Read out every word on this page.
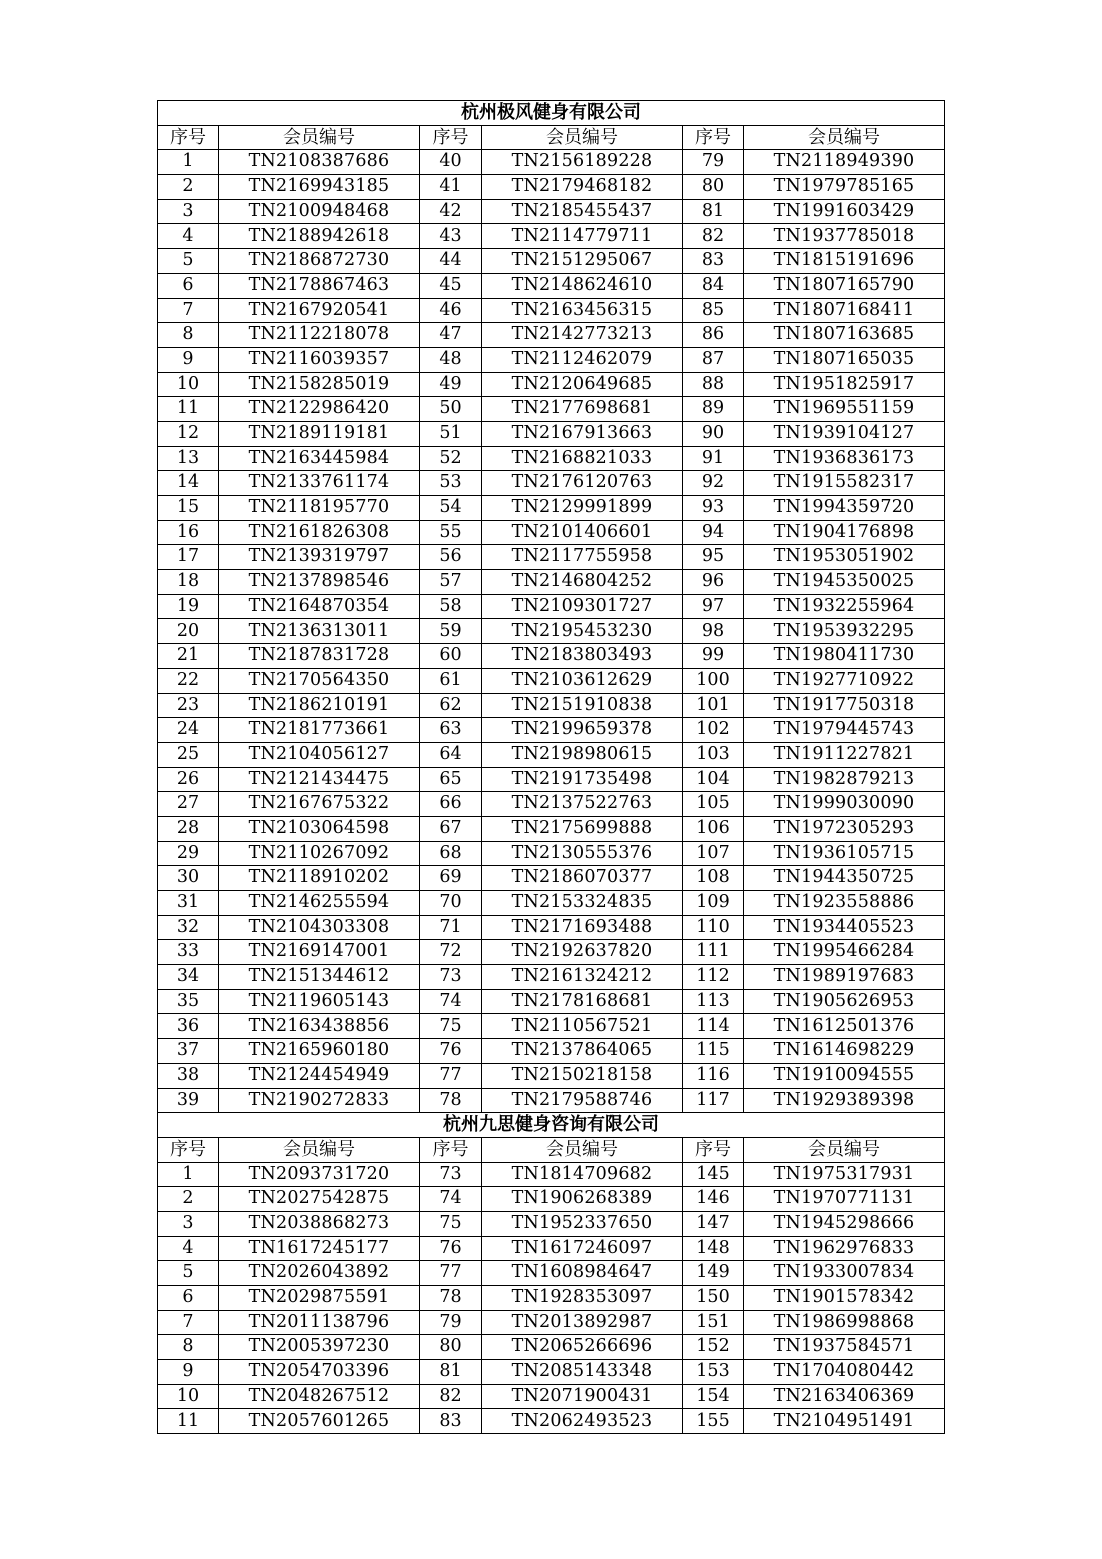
杭州极风健身有限公司					
序号	会员编号	序号	会员编号	序号	会员编号
1	TN2108387686	40	TN2156189228	79	TN2118949390
2	TN2169943185	41	TN2179468182	80	TN1979785165
3	TN2100948468	42	TN2185455437	81	TN1991603429
4	TN2188942618	43	TN2114779711	82	TN1937785018
5	TN2186872730	44	TN2151295067	83	TN1815191696
6	TN2178867463	45	TN2148624610	84	TN1807165790
7	TN2167920541	46	TN2163456315	85	TN1807168411
8	TN2112218078	47	TN2142773213	86	TN1807163685
9	TN2116039357	48	TN2112462079	87	TN1807165035
10	TN2158285019	49	TN2120649685	88	TN1951825917
11	TN2122986420	50	TN2177698681	89	TN1969551159
12	TN2189119181	51	TN2167913663	90	TN1939104127
13	TN2163445984	52	TN2168821033	91	TN1936836173
14	TN2133761174	53	TN2176120763	92	TN1915582317
15	TN2118195770	54	TN2129991899	93	TN1994359720
16	TN2161826308	55	TN2101406601	94	TN1904176898
17	TN2139319797	56	TN2117755958	95	TN1953051902
18	TN2137898546	57	TN2146804252	96	TN1945350025
19	TN2164870354	58	TN2109301727	97	TN1932255964
20	TN2136313011	59	TN2195453230	98	TN1953932295
21	TN2187831728	60	TN2183803493	99	TN1980411730
22	TN2170564350	61	TN2103612629	100	TN1927710922
23	TN2186210191	62	TN2151910838	101	TN1917750318
24	TN2181773661	63	TN2199659378	102	TN1979445743
25	TN2104056127	64	TN2198980615	103	TN1911227821
26	TN2121434475	65	TN2191735498	104	TN1982879213
27	TN2167675322	66	TN2137522763	105	TN1999030090
28	TN2103064598	67	TN2175699888	106	TN1972305293
29	TN2110267092	68	TN2130555376	107	TN1936105715
30	TN2118910202	69	TN2186070377	108	TN1944350725
31	TN2146255594	70	TN2153324835	109	TN1923558886
32	TN2104303308	71	TN2171693488	110	TN1934405523
33	TN2169147001	72	TN2192637820	111	TN1995466284
34	TN2151344612	73	TN2161324212	112	TN1989197683
35	TN2119605143	74	TN2178168681	113	TN1905626953
36	TN2163438856	75	TN2110567521	114	TN1612501376
37	TN2165960180	76	TN2137864065	115	TN1614698229
38	TN2124454949	77	TN2150218158	116	TN1910094555
39	TN2190272833	78	TN2179588746	117	TN1929389398
杭州九思健身咨询有限公司					
序号	会员编号	序号	会员编号	序号	会员编号
1	TN2093731720	73	TN1814709682	145	TN1975317931
2	TN2027542875	74	TN1906268389	146	TN1970771131
3	TN2038868273	75	TN1952337650	147	TN1945298666
4	TN1617245177	76	TN1617246097	148	TN1962976833
5	TN2026043892	77	TN1608984647	149	TN1933007834
6	TN2029875591	78	TN1928353097	150	TN1901578342
7	TN2011138796	79	TN2013892987	151	TN1986998868
8	TN2005397230	80	TN2065266696	152	TN1937584571
9	TN2054703396	81	TN2085143348	153	TN1704080442
10	TN2048267512	82	TN2071900431	154	TN2163406369
11	TN2057601265	83	TN2062493523	155	TN2104951491
